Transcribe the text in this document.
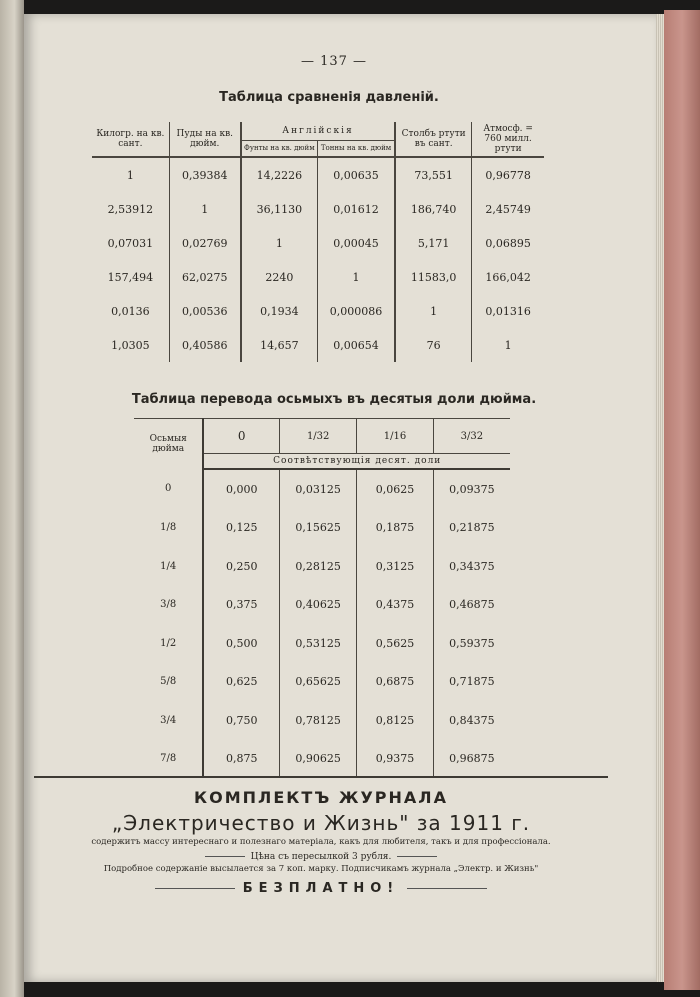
— 137 —
Таблица сравненія давленій.
Килогр. на кв. сант.	Пуды на кв. дюйм.	Англійскія		Столбъ ртути въ сант.	Атмосф. = 760 милл. ртути
		Фунты на кв. дюйм	Тонны на кв. дюйм		

1	0,39384	14,2226	0,00635	73,551	0,96778
2,53912	1	36,1130	0,01612	186,740	2,45749
0,07031	0,02769	1	0,00045	5,171	0,06895
157,494	62,0275	2240	1	11583,0	166,042
0,0136	0,00536	0,1934	0,000086	1	0,01316
1,0305	0,40586	14,657	0,00654	76	1
Таблица перевода осьмыхъ въ десятыя доли дюйма.
Осьмыя дюйма	0	1/32	1/16	3/32
	Соотвѣтствующія десят. доли			
0	0,000	0,03125	0,0625	0,09375
1/8	0,125	0,15625	0,1875	0,21875
1/4	0,250	0,28125	0,3125	0,34375
3/8	0,375	0,40625	0,4375	0,46875
1/2	0,500	0,53125	0,5625	0,59375
5/8	0,625	0,65625	0,6875	0,71875
3/4	0,750	0,78125	0,8125	0,84375
7/8	0,875	0,90625	0,9375	0,96875
КОМПЛЕКТЪ ЖУРНАЛА
„Электричество и Жизнь" за 1911 г.
содержитъ массу интереснаго и полезнаго матеріала, какъ для любителя, такъ и для профессіонала.
Цѣна съ пересылкой 3 рубля.
Подробное содержаніе высылается за 7 коп. марку. Подписчикамъ журнала „Электр. и Жизнь"
БЕЗПЛАТНО!
